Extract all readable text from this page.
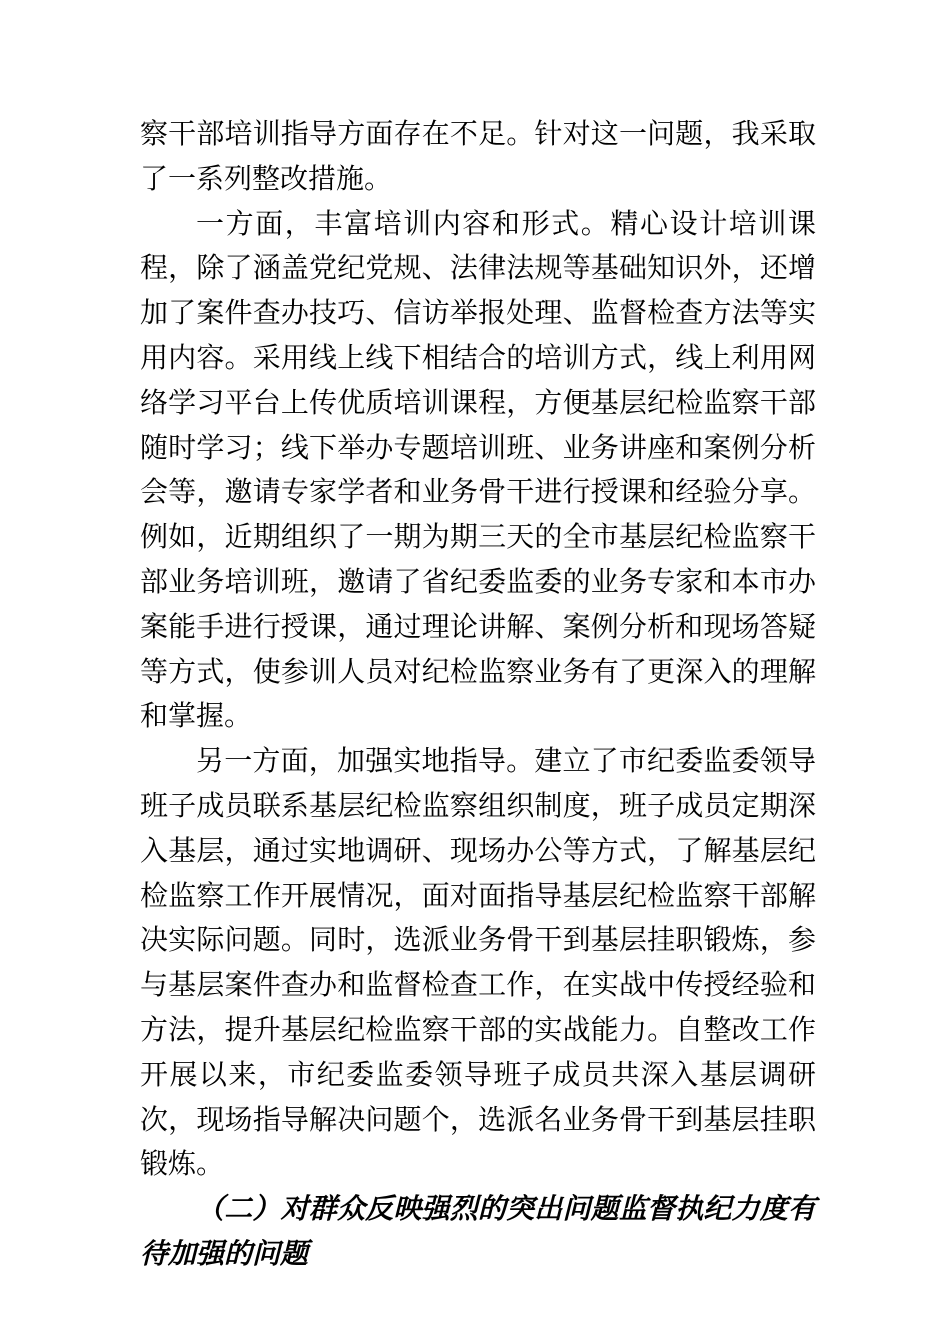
察干部培训指导方面存在不足。针对这一问题，我采取了一系列整改措施。

一方面，丰富培训内容和形式。精心设计培训课程，除了涵盖党纪党规、法律法规等基础知识外，还增加了案件查办技巧、信访举报处理、监督检查方法等实用内容。采用线上线下相结合的培训方式，线上利用网络学习平台上传优质培训课程，方便基层纪检监察干部随时学习；线下举办专题培训班、业务讲座和案例分析会等，邀请专家学者和业务骨干进行授课和经验分享。例如，近期组织了一期为期三天的全市基层纪检监察干部业务培训班，邀请了省纪委监委的业务专家和本市办案能手进行授课，通过理论讲解、案例分析和现场答疑等方式，使参训人员对纪检监察业务有了更深入的理解和掌握。

另一方面，加强实地指导。建立了市纪委监委领导班子成员联系基层纪检监察组织制度，班子成员定期深入基层，通过实地调研、现场办公等方式，了解基层纪检监察工作开展情况，面对面指导基层纪检监察干部解决实际问题。同时，选派业务骨干到基层挂职锻炼，参与基层案件查办和监督检查工作，在实战中传授经验和方法，提升基层纪检监察干部的实战能力。自整改工作开展以来，市纪委监委领导班子成员共深入基层调研次，现场指导解决问题个，选派名业务骨干到基层挂职锻炼。

（二）对群众反映强烈的突出问题监督执纪力度有待加强的问题
